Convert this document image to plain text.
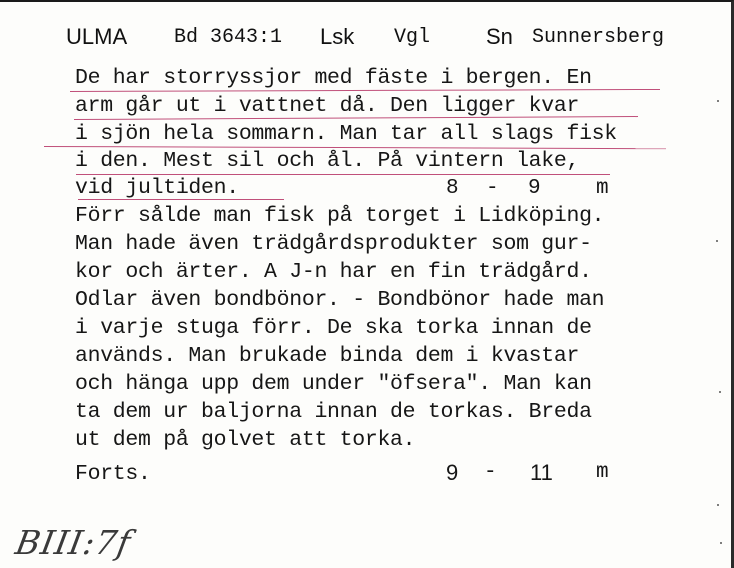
ULMA Bd 3643:1 Lsk Vgl	Sn Sunnersberg
De har storryssjor med fäste i bergen. En
arm går ut i vattnet då. Den ligger kvar
i sjön hela sommarn. Man tar all slags fisk
i den. Mest sil och ål. På vintern lake,
vid jultiden.	8 - 9	m
Förr sålde man fisk på torget i Lidköping.
Man hade även trädgårdsprodukter som gur-
kor och ärter. A J-n har en fin trädgård.
Odlar även bondbönor. - Bondbönor hade man
i varje stuga förr. De ska torka innan de
används. Man brukade binda dem i kvastar
och hänga upp dem under "öfsera". Man kan
ta dem ur baljorna innan de torkas. Breda
ut dem på golvet att torka.
Forts.	9 - 11 m
BIII:7f
